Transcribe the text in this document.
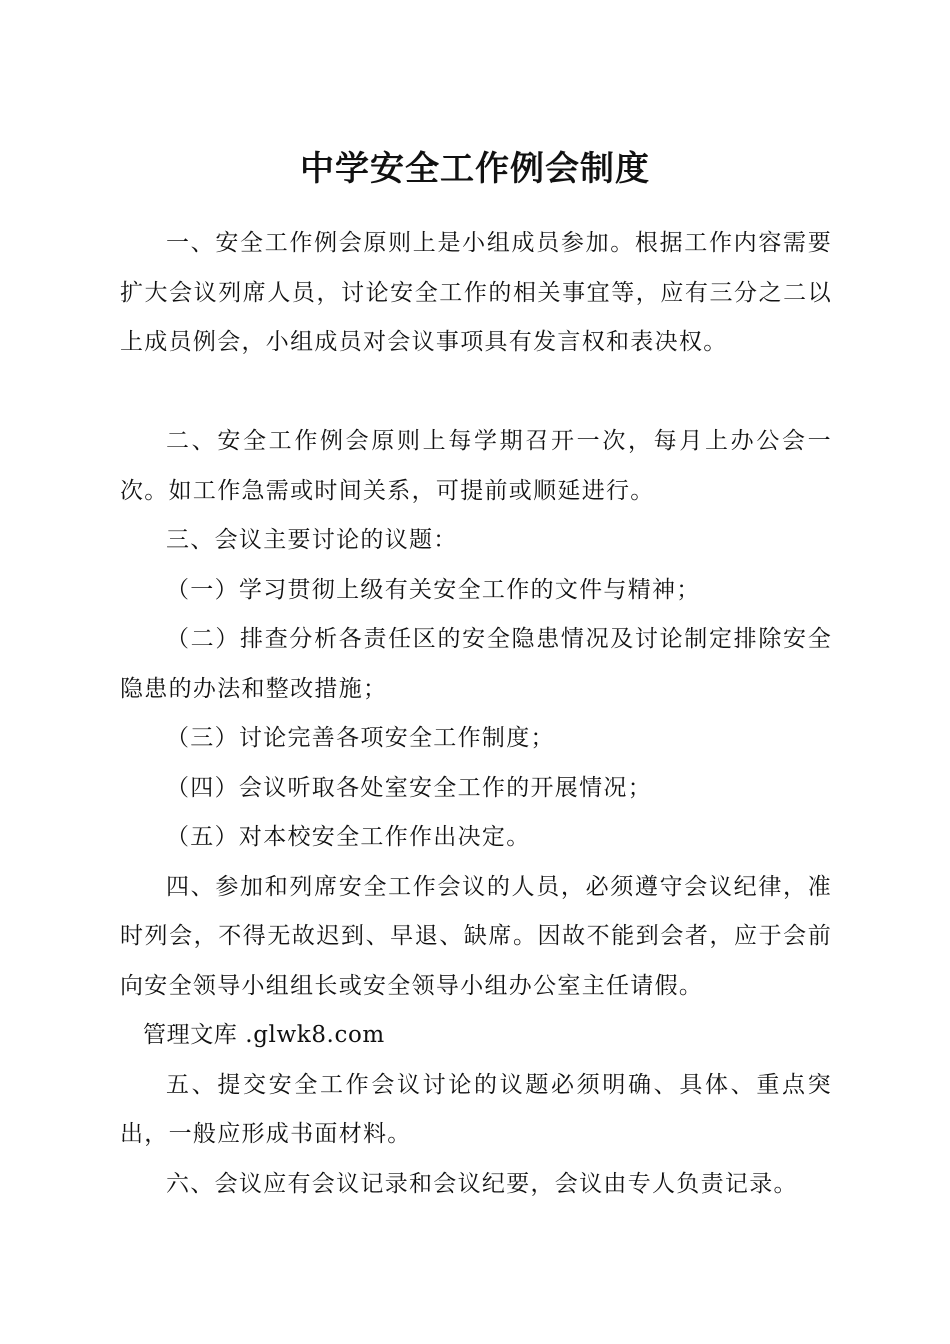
中学安全工作例会制度

一、安全工作例会原则上是小组成员参加。根据工作内容需要扩大会议列席人员，讨论安全工作的相关事宜等，应有三分之二以上成员例会，小组成员对会议事项具有发言权和表决权。

二、安全工作例会原则上每学期召开一次，每月上办公会一次。如工作急需或时间关系，可提前或顺延进行。

三、会议主要讨论的议题：

（一）学习贯彻上级有关安全工作的文件与精神；

（二）排查分析各责任区的安全隐患情况及讨论制定排除安全隐患的办法和整改措施；

（三）讨论完善各项安全工作制度；

（四）会议听取各处室安全工作的开展情况；

（五）对本校安全工作作出决定。

四、参加和列席安全工作会议的人员，必须遵守会议纪律，准时列会，不得无故迟到、早退、缺席。因故不能到会者，应于会前向安全领导小组组长或安全领导小组办公室主任请假。

管理文库 .glwk8.com

五、提交安全工作会议讨论的议题必须明确、具体、重点突出，一般应形成书面材料。

六、会议应有会议记录和会议纪要，会议由专人负责记录。
